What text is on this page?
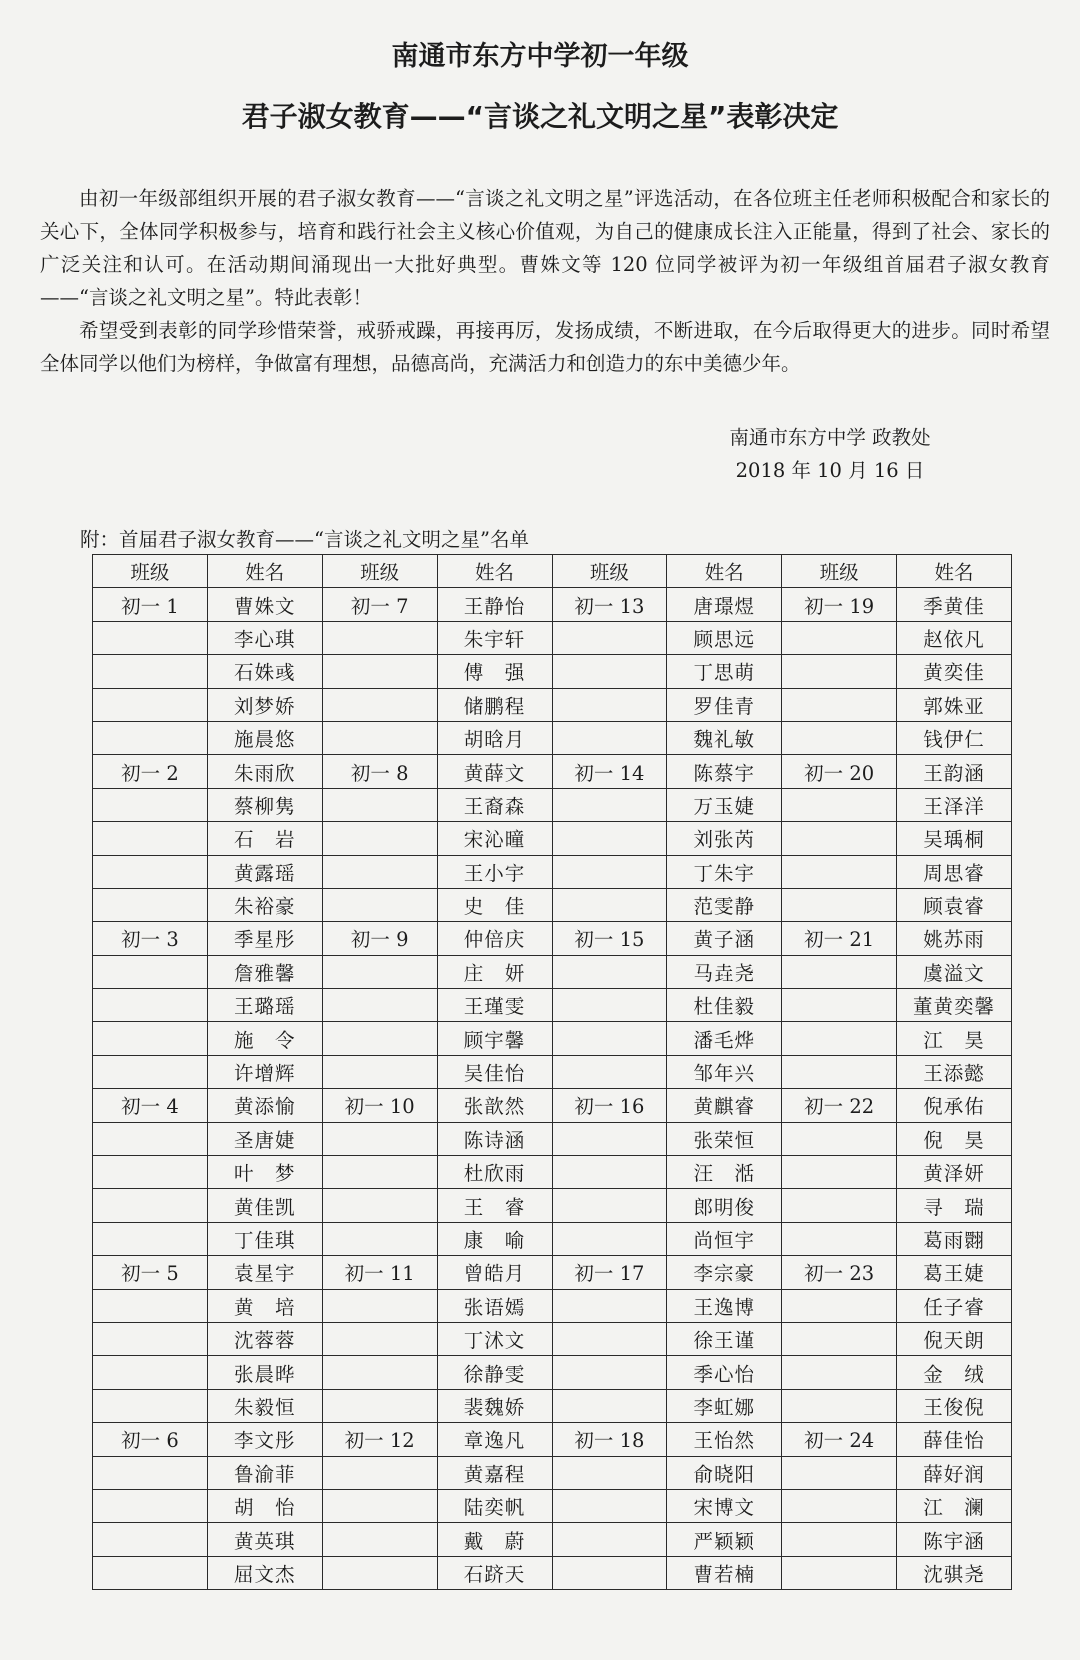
南通市东方中学初一年级
君子淑女教育——“言谈之礼文明之星”表彰决定

由初一年级部组织开展的君子淑女教育——“言谈之礼文明之星”评选活动，在各位班主任老师积极配合和家长的关心下，全体同学积极参与，培育和践行社会主义核心价值观，为自己的健康成长注入正能量，得到了社会、家长的广泛关注和认可。在活动期间涌现出一大批好典型。曹姝文等 120 位同学被评为初一年级组首届君子淑女教育——“言谈之礼文明之星”。特此表彰！

希望受到表彰的同学珍惜荣誉，戒骄戒躁，再接再厉，发扬成绩，不断进取，在今后取得更大的进步。同时希望全体同学以他们为榜样，争做富有理想，品德高尚，充满活力和创造力的东中美德少年。

南通市东方中学 政教处
2018 年 10 月 16 日
附：首届君子淑女教育——“言谈之礼文明之星”名单
班级	姓名	班级	姓名	班级	姓名	班级	姓名
初一 1	曹姝文	初一 7	王静怡	初一 13	唐璟煜	初一 19	季黄佳
	李心琪		朱宇轩		顾思远		赵依凡
	石姝彧		傅　强		丁思萌		黄奕佳
	刘梦娇		储鹏程		罗佳青		郭姝亚
	施晨悠		胡晗月		魏礼敏		钱伊仁
初一 2	朱雨欣	初一 8	黄薛文	初一 14	陈蔡宇	初一 20	王韵涵
	蔡柳隽		王裔森		万玉婕		王泽洋
	石　岩		宋沁曈		刘张芮		吴瑀桐
	黄露瑶		王小宇		丁朱宇		周思睿
	朱裕豪		史　佳		范雯静		顾袁睿
初一 3	季星彤	初一 9	仲倍庆	初一 15	黄子涵	初一 21	姚苏雨
	詹雅馨		庄　妍		马垚尧		虞溢文
	王璐瑶		王瑾雯		杜佳毅		董黄奕馨
	施　令		顾宇馨		潘毛烨		江　昊
	许增辉		吴佳怡		邹年兴		王添懿
初一 4	黄添愉	初一 10	张歆然	初一 16	黄麒睿	初一 22	倪承佑
	圣唐婕		陈诗涵		张荣恒		倪　昊
	叶　梦		杜欣雨		汪　湉		黄泽妍
	黄佳凯		王　睿		郎明俊		寻　瑞
	丁佳琪		康　喻		尚恒宇		葛雨翾
初一 5	袁星宇	初一 11	曾皓月	初一 17	李宗豪	初一 23	葛王婕
	黄　培		张语嫣		王逸博		任子睿
	沈蓉蓉		丁沭文		徐王谨		倪天朗
	张晨晔		徐静雯		季心怡		金　绒
	朱毅恒		裴魏娇		李虹娜		王俊倪
初一 6	李文彤	初一 12	章逸凡	初一 18	王怡然	初一 24	薛佳怡
	鲁渝菲		黄嘉程		俞晓阳		薛好润
	胡　怡		陆奕帆		宋博文		江　澜
	黄英琪		戴　蔚		严颖颖		陈宇涵
	屈文杰		石跻天		曹若楠		沈骐尧
